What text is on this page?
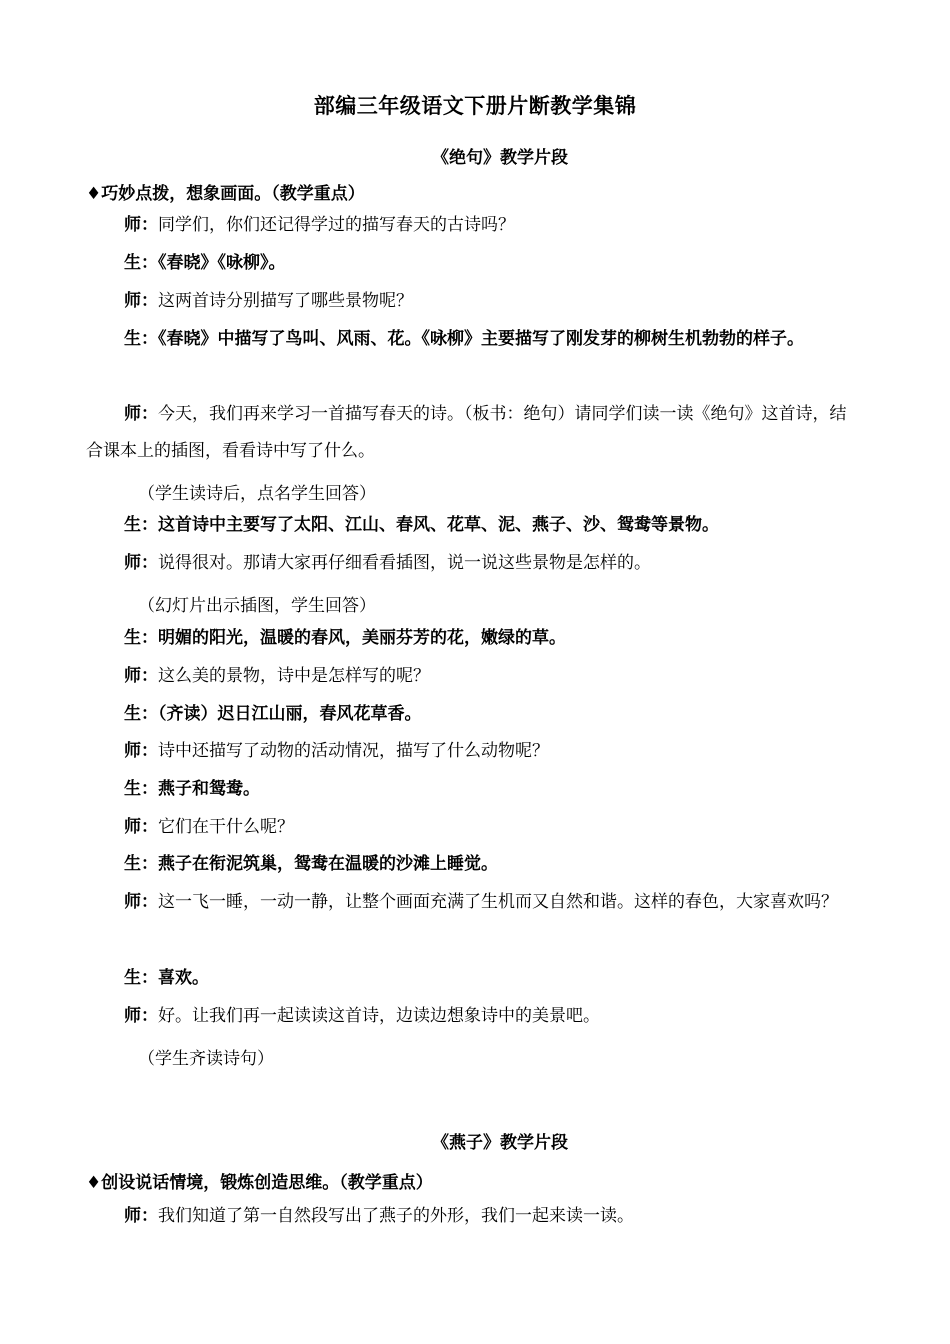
部编三年级语文下册片断教学集锦
《绝句》教学片段
♦巧妙点拨，想象画面。（教学重点）
师：同学们，你们还记得学过的描写春天的古诗吗？
生：《春晓》《咏柳》。
师：这两首诗分别描写了哪些景物呢？
生：《春晓》中描写了鸟叫、风雨、花。《咏柳》主要描写了刚发芽的柳树生机勃勃的样子。
师：今天，我们再来学习一首描写春天的诗。（板书：绝句）请同学们读一读《绝句》这首诗，结合课本上的插图，看看诗中写了什么。
（学生读诗后，点名学生回答）
生：这首诗中主要写了太阳、江山、春风、花草、泥、燕子、沙、鸳鸯等景物。
师：说得很对。那请大家再仔细看看插图，说一说这些景物是怎样的。
（幻灯片出示插图，学生回答）
生：明媚的阳光，温暖的春风，美丽芬芳的花，嫩绿的草。
师：这么美的景物，诗中是怎样写的呢？
生：（齐读）迟日江山丽，春风花草香。
师：诗中还描写了动物的活动情况，描写了什么动物呢？
生：燕子和鸳鸯。
师：它们在干什么呢？
生：燕子在衔泥筑巢，鸳鸯在温暖的沙滩上睡觉。
师：这一飞一睡，一动一静，让整个画面充满了生机而又自然和谐。这样的春色，大家喜欢吗？
生：喜欢。
师：好。让我们再一起读读这首诗，边读边想象诗中的美景吧。
（学生齐读诗句）
《燕子》教学片段
♦创设说话情境，锻炼创造思维。（教学重点）
师：我们知道了第一自然段写出了燕子的外形，我们一起来读一读。
